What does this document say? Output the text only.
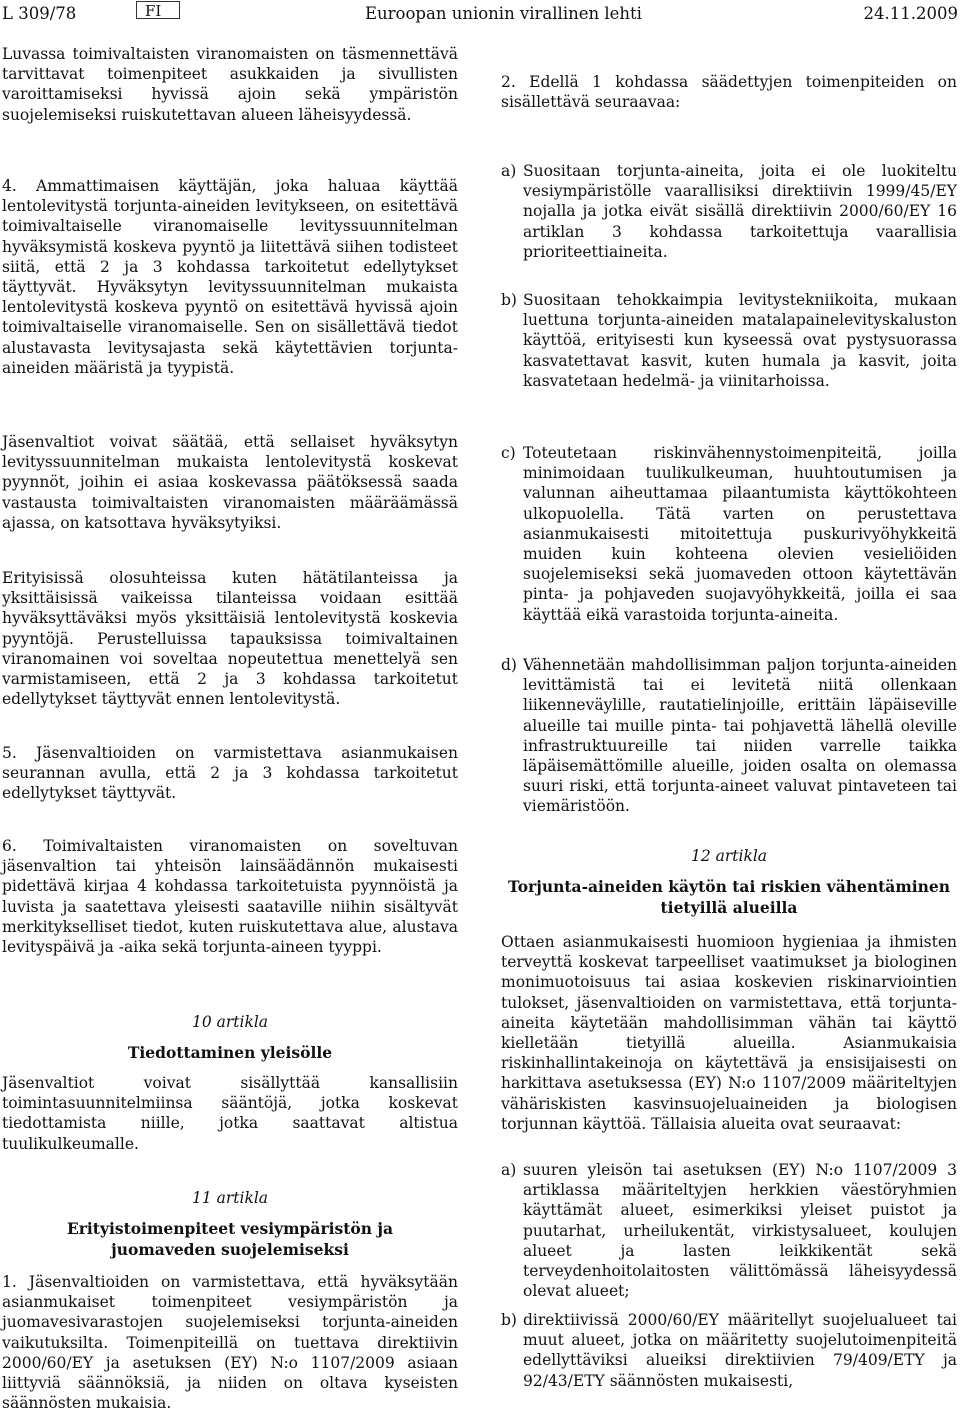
L 309/78	FI	Euroopan unionin virallinen lehti	24.11.2009

Luvassa toimivaltaisten viranomaisten on täsmennettävä tarvittavat toimenpiteet asukkaiden ja sivullisten varoittamiseksi hyvissä ajoin sekä ympäristön suojelemiseksi ruiskutettavan alueen läheisyydessä.

4. Ammattimaisen käyttäjän, joka haluaa käyttää lentolevitystä torjunta-aineiden levitykseen, on esitettävä toimivaltaiselle viranomaiselle levityssuunnitelman hyväksymistä koskeva pyyntö ja liitettävä siihen todisteet siitä, että 2 ja 3 kohdassa tarkoitetut edellytykset täyttyvät. Hyväksytyn levityssuunnitelman mukaista lentolevitystä koskeva pyyntö on esitettävä hyvissä ajoin toimivaltaiselle viranomaiselle. Sen on sisällettävä tiedot alustavasta levitysajasta sekä käytettävien torjunta-aineiden määristä ja tyypistä.

Jäsenvaltiot voivat säätää, että sellaiset hyväksytyn levityssuunnitelman mukaista lentolevitystä koskevat pyynnöt, joihin ei asiaa koskevassa päätöksessä saada vastausta toimivaltaisten viranomaisten määräämässä ajassa, on katsottava hyväksytyiksi.

Erityisissä olosuhteissa kuten hätätilanteissa ja yksittäisissä vaikeissa tilanteissa voidaan esittää hyväksyttäväksi myös yksittäisiä lentolevitystä koskevia pyyntöjä. Perustelluissa tapauksissa toimivaltainen viranomainen voi soveltaa nopeutettua menettelyä sen varmistamiseen, että 2 ja 3 kohdassa tarkoitetut edellytykset täyttyvät ennen lentolevitystä.

5. Jäsenvaltioiden on varmistettava asianmukaisen seurannan avulla, että 2 ja 3 kohdassa tarkoitetut edellytykset täyttyvät.

6. Toimivaltaisten viranomaisten on soveltuvan jäsenvaltion tai yhteisön lainsäädännön mukaisesti pidettävä kirjaa 4 kohdassa tarkoitetuista pyynnöistä ja luvista ja saatettava yleisesti saataville niihin sisältyvät merkitykselliset tiedot, kuten ruiskutettava alue, alustava levityspäivä ja -aika sekä torjunta-aineen tyyppi.

10 artikla

Tiedottaminen yleisölle

Jäsenvaltiot voivat sisällyttää kansallisiin toimintasuunnitelmiinsa sääntöjä, jotka koskevat tiedottamista niille, jotka saattavat altistua tuulikulkeumalle.

11 artikla

Erityistoimenpiteet vesiympäristön ja juomaveden suojelemiseksi

1. Jäsenvaltioiden on varmistettava, että hyväksytään asianmukaiset toimenpiteet vesiympäristön ja juomavesivarastojen suojelemiseksi torjunta-aineiden vaikutuksilta. Toimenpiteillä on tuettava direktiivin 2000/60/EY ja asetuksen (EY) N:o 1107/2009 asiaan liittyviä säännöksiä, ja niiden on oltava kyseisten säännösten mukaisia.

2. Edellä 1 kohdassa säädettyjen toimenpiteiden on sisällettävä seuraavaa:

a) Suositaan torjunta-aineita, joita ei ole luokiteltu vesiympäristölle vaarallisiksi direktiivin 1999/45/EY nojalla ja jotka eivät sisällä direktiivin 2000/60/EY 16 artiklan 3 kohdassa tarkoitettuja vaarallisia prioriteettiaineita.
b) Suositaan tehokkaimpia levitystekniikoita, mukaan luettuna torjunta-aineiden matalapainelevityskaluston käyttöä, erityisesti kun kyseessä ovat pystysuorassa kasvatettavat kasvit, kuten humala ja kasvit, joita kasvatetaan hedelmä- ja viinitarhoissa.
c) Toteutetaan riskinvähennystoimenpiteitä, joilla minimoidaan tuulikulkeuman, huuhtoutumisen ja valunnan aiheuttamaa pilaantumista käyttökohteen ulkopuolella. Tätä varten on perustettava asianmukaisesti mitoitettuja puskurivyöhykkeitä muiden kuin kohteena olevien vesieliöiden suojelemiseksi sekä juomaveden ottoon käytettävän pinta- ja pohjaveden suojavyöhykkeitä, joilla ei saa käyttää eikä varastoida torjunta-aineita.
d) Vähennetään mahdollisimman paljon torjunta-aineiden levittämistä tai ei levitetä niitä ollenkaan liikenneväylille, rautatielinjoille, erittäin läpäiseville alueille tai muille pinta- tai pohjavettä lähellä oleville infrastruktuureille tai niiden varrelle taikka läpäisemättömille alueille, joiden osalta on olemassa suuri riski, että torjunta-aineet valuvat pintaveteen tai viemäristöön.

12 artikla

Torjunta-aineiden käytön tai riskien vähentäminen tietyillä alueilla

Ottaen asianmukaisesti huomioon hygieniaa ja ihmisten terveyttä koskevat tarpeelliset vaatimukset ja biologinen monimuotoisuus tai asiaa koskevien riskinarviointien tulokset, jäsenvaltioiden on varmistettava, että torjunta-aineita käytetään mahdollisimman vähän tai käyttö kielletään tietyillä alueilla. Asianmukaisia riskinhallintakeinoja on käytettävä ja ensisijaisesti on harkittava asetuksessa (EY) N:o 1107/2009 määriteltyjen vähäriskisten kasvinsuojeluaineiden ja biologisen torjunnan käyttöä. Tällaisia alueita ovat seuraavat:

a) suuren yleisön tai asetuksen (EY) N:o 1107/2009 3 artiklassa määriteltyjen herkkien väestöryhmien käyttämät alueet, esimerkiksi yleiset puistot ja puutarhat, urheilukentät, virkistysalueet, koulujen alueet ja lasten leikkikentät sekä terveydenhoitolaitosten välittömässä läheisyydessä olevat alueet;
b) direktiivissä 2000/60/EY määritellyt suojelualueet tai muut alueet, jotka on määritetty suojelutoimenpiteitä edellyttäviksi alueiksi direktiivien 79/409/ETY ja 92/43/ETY säännösten mukaisesti,
